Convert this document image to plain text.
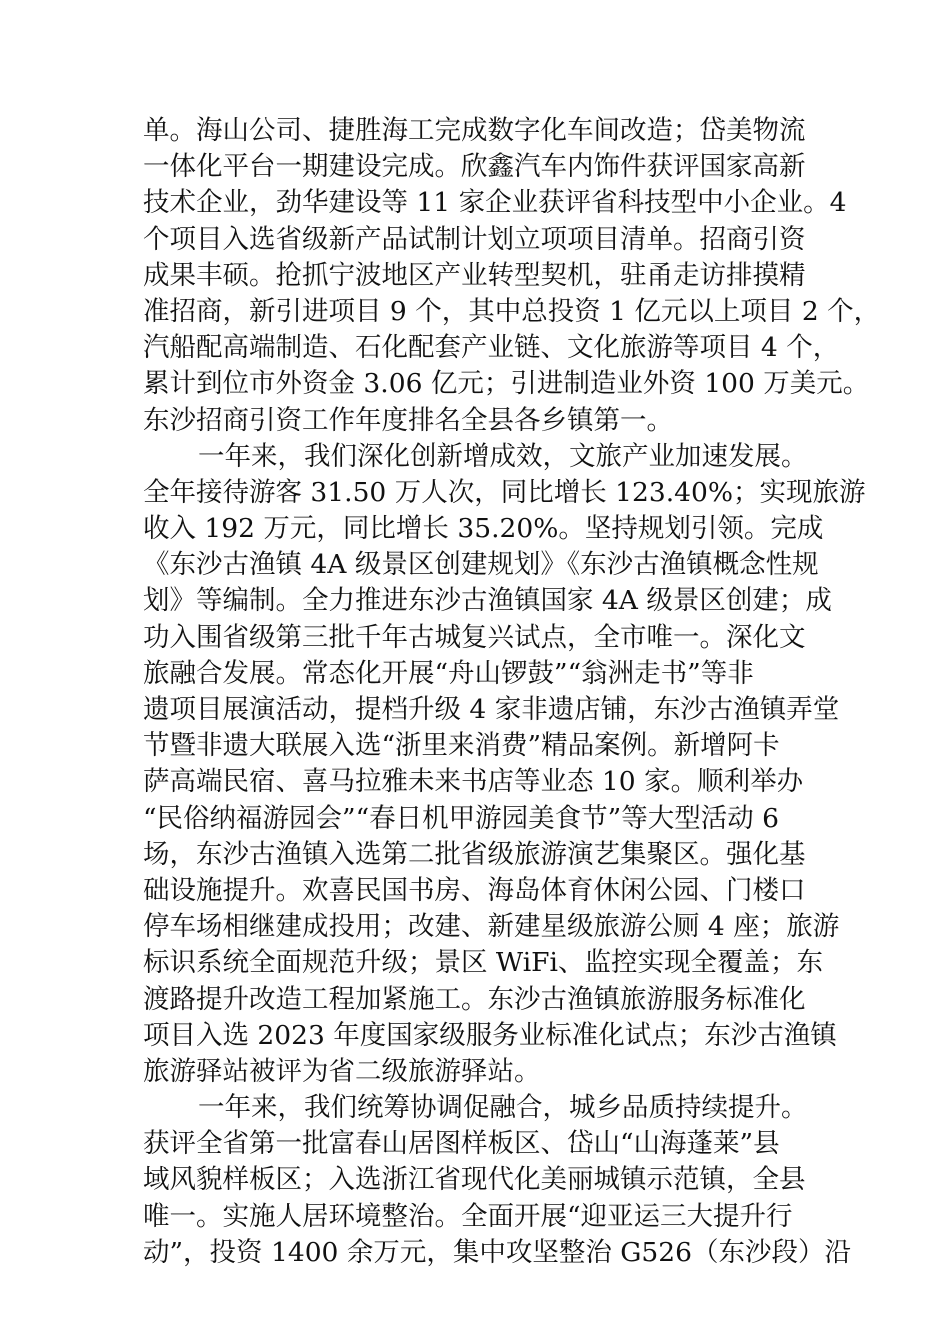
单。海山公司、捷胜海工完成数字化车间改造；岱美物流
一体化平台一期建设完成。欣鑫汽车内饰件获评国家高新
技术企业，劲华建设等 11 家企业获评省科技型中小企业。4
个项目入选省级新产品试制计划立项项目清单。招商引资
成果丰硕。抢抓宁波地区产业转型契机，驻甬走访排摸精
准招商，新引进项目 9 个，其中总投资 1 亿元以上项目 2 个，
汽船配高端制造、石化配套产业链、文化旅游等项目 4 个，
累计到位市外资金 3.06 亿元；引进制造业外资 100 万美元。
东沙招商引资工作年度排名全县各乡镇第一。
一年来，我们深化创新增成效，文旅产业加速发展。
全年接待游客 31.50 万人次，同比增长 123.40%；实现旅游
收入 192 万元，同比增长 35.20%。坚持规划引领。完成
《东沙古渔镇 4A 级景区创建规划》《东沙古渔镇概念性规
划》等编制。全力推进东沙古渔镇国家 4A 级景区创建；成
功入围省级第三批千年古城复兴试点，全市唯一。深化文
旅融合发展。常态化开展“舟山锣鼓”“翁洲走书”等非
遗项目展演活动，提档升级 4 家非遗店铺，东沙古渔镇弄堂
节暨非遗大联展入选“浙里来消费”精品案例。新增阿卡
萨高端民宿、喜马拉雅未来书店等业态 10 家。顺利举办
“民俗纳福游园会”“春日机甲游园美食节”等大型活动 6
场，东沙古渔镇入选第二批省级旅游演艺集聚区。强化基
础设施提升。欢喜民国书房、海岛体育休闲公园、门楼口
停车场相继建成投用；改建、新建星级旅游公厕 4 座；旅游
标识系统全面规范升级；景区 WiFi、监控实现全覆盖；东
渡路提升改造工程加紧施工。东沙古渔镇旅游服务标准化
项目入选 2023 年度国家级服务业标准化试点；东沙古渔镇
旅游驿站被评为省二级旅游驿站。
一年来，我们统筹协调促融合，城乡品质持续提升。
获评全省第一批富春山居图样板区、岱山“山海蓬莱”县
域风貌样板区；入选浙江省现代化美丽城镇示范镇，全县
唯一。实施人居环境整治。全面开展“迎亚运三大提升行
动”，投资 1400 余万元，集中攻坚整治 G526（东沙段）沿
